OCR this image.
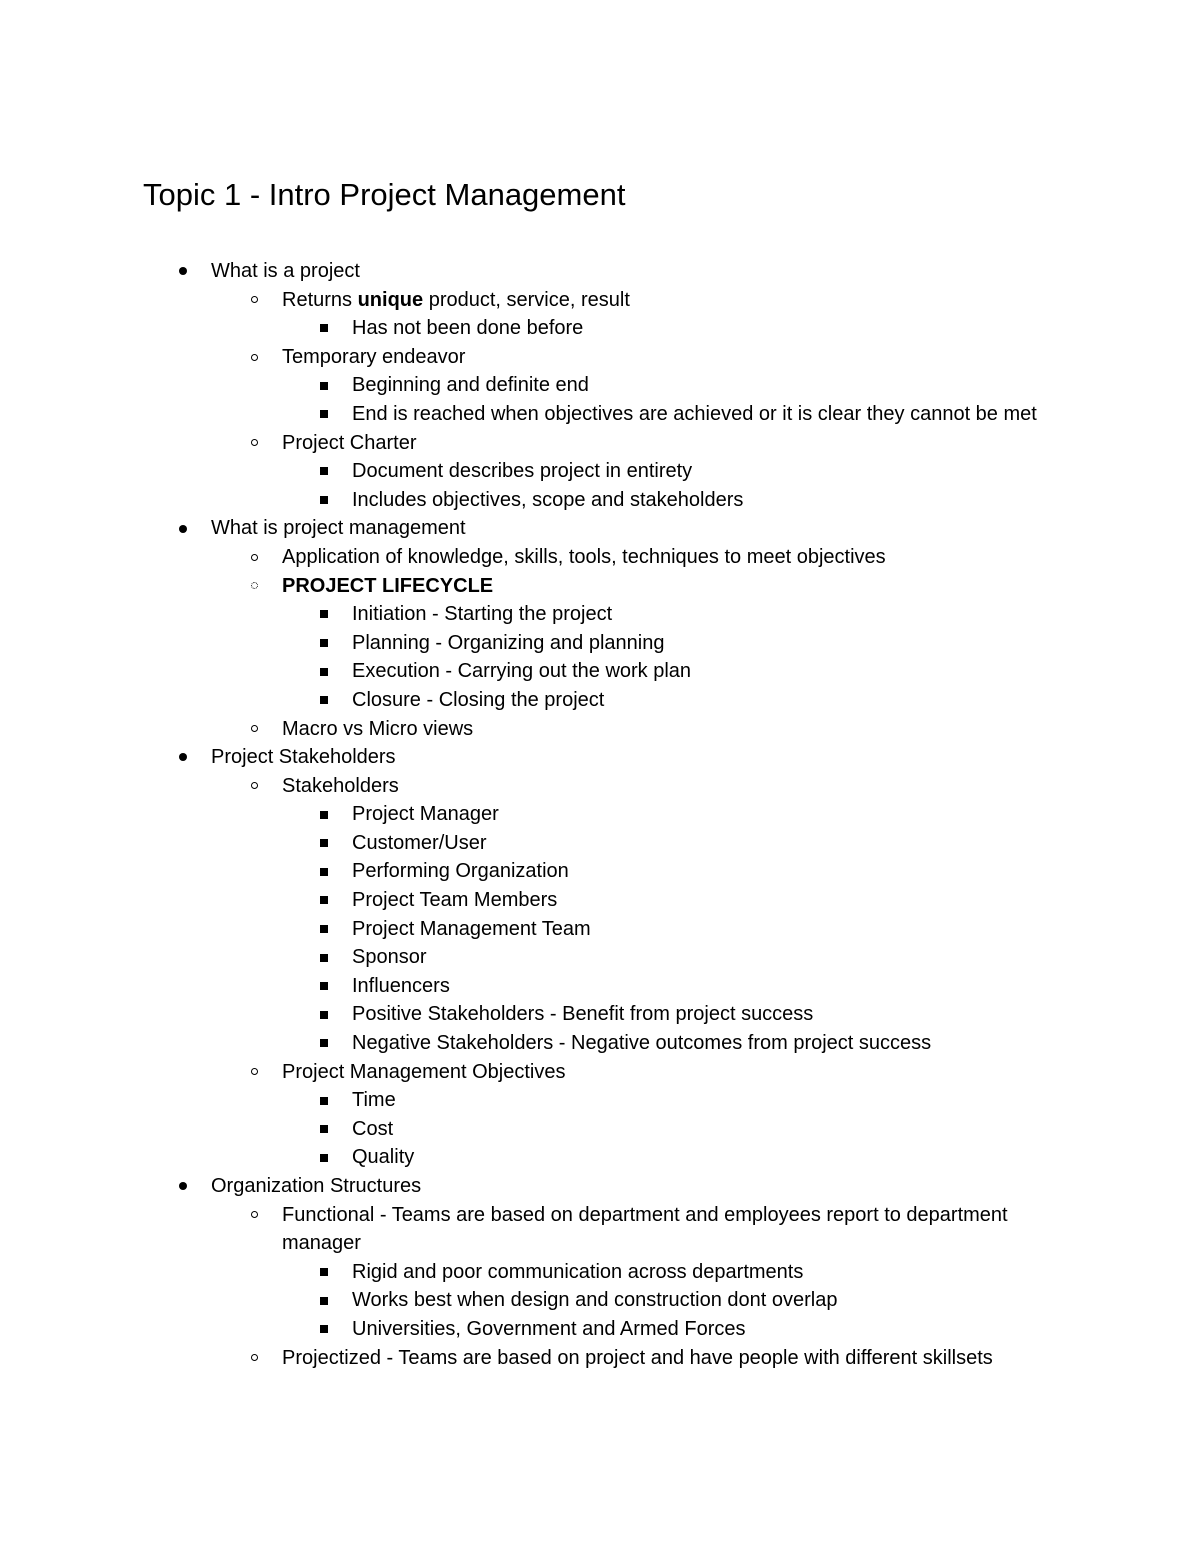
Topic 1 - Intro Project Management
What is a project
Returns unique product, service, result
Has not been done before
Temporary endeavor
Beginning and definite end
End is reached when objectives are achieved or it is clear they cannot be met
Project Charter
Document describes project in entirety
Includes objectives, scope and stakeholders
What is project management
Application of knowledge, skills, tools, techniques to meet objectives
PROJECT LIFECYCLE
Initiation - Starting the project
Planning - Organizing and planning
Execution - Carrying out the work plan
Closure - Closing the project
Macro vs Micro views
Project Stakeholders
Stakeholders
Project Manager
Customer/User
Performing Organization
Project Team Members
Project Management Team
Sponsor
Influencers
Positive Stakeholders - Benefit from project success
Negative Stakeholders - Negative outcomes from project success
Project Management Objectives
Time
Cost
Quality
Organization Structures
Functional - Teams are based on department and employees report to department manager
Rigid and poor communication across departments
Works best when design and construction dont overlap
Universities, Government and Armed Forces
Projectized - Teams are based on project and have people with different skillsets
